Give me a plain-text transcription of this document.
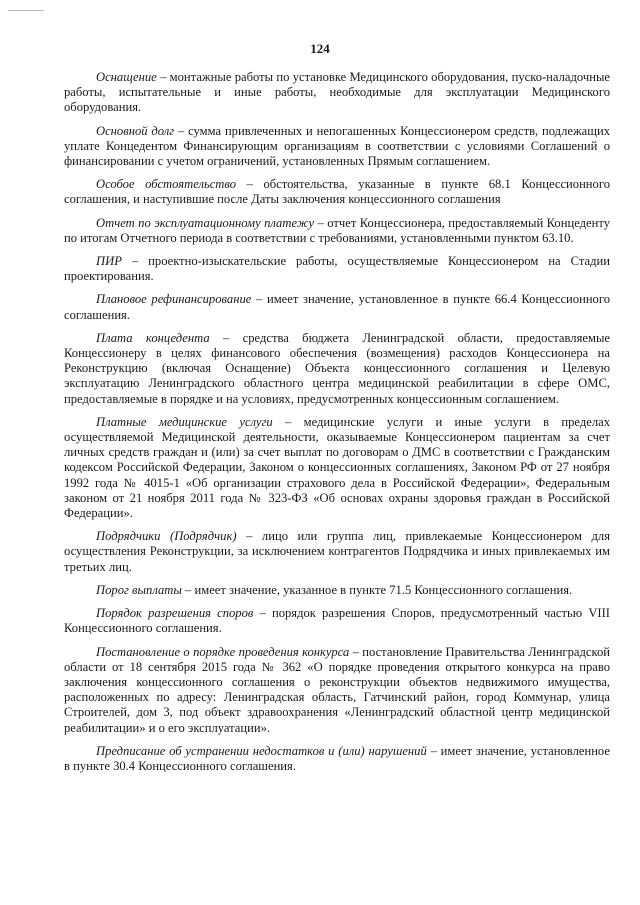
124

Оснащение – монтажные работы по установке Медицинского оборудования, пуско-наладочные работы, испытательные и иные работы, необходимые для эксплуатации Медицинского оборудования.

Основной долг – сумма привлеченных и непогашенных Концессионером средств, подлежащих уплате Концедентом Финансирующим организациям в соответствии с условиями Соглашений о финансировании с учетом ограничений, установленных Прямым соглашением.

Особое обстоятельство – обстоятельства, указанные в пункте 68.1 Концессионного соглашения, и наступившие после Даты заключения концессионного соглашения

Отчет по эксплуатационному платежу – отчет Концессионера, предоставляемый Концеденту по итогам Отчетного периода в соответствии с требованиями, установленными пунктом 63.10.

ПИР – проектно-изыскательские работы, осуществляемые Концессионером на Стадии проектирования.

Плановое рефинансирование – имеет значение, установленное в пункте 66.4 Концессионного соглашения.

Плата концедента – средства бюджета Ленинградской области, предоставляемые Концессионеру в целях финансового обеспечения (возмещения) расходов Концессионера на Реконструкцию (включая Оснащение) Объекта концессионного соглашения и Целевую эксплуатацию Ленинградского областного центра медицинской реабилитации в сфере ОМС, предоставляемые в порядке и на условиях, предусмотренных концессионным соглашением.

Платные медицинские услуги – медицинские услуги и иные услуги в пределах осуществляемой Медицинской деятельности, оказываемые Концессионером пациентам за счет личных средств граждан и (или) за счет выплат по договорам о ДМС в соответствии с Гражданским кодексом Российской Федерации, Законом о концессионных соглашениях, Законом РФ от 27 ноября 1992 года № 4015-1 «Об организации страхового дела в Российской Федерации», Федеральным законом от 21 ноября 2011 года № 323-ФЗ «Об основах охраны здоровья граждан в Российской Федерации».

Подрядчики (Подрядчик) – лицо или группа лиц, привлекаемые Концессионером для осуществления Реконструкции, за исключением контрагентов Подрядчика и иных привлекаемых им третьих лиц.

Порог выплаты – имеет значение, указанное в пункте 71.5 Концессионного соглашения.

Порядок разрешения споров – порядок разрешения Споров, предусмотренный частью VIII Концессионного соглашения.

Постановление о порядке проведения конкурса – постановление Правительства Ленинградской области от 18 сентября 2015 года № 362 «О порядке проведения открытого конкурса на право заключения концессионного соглашения о реконструкции объектов недвижимого имущества, расположенных по адресу: Ленинградская область, Гатчинский район, город Коммунар, улица Строителей, дом 3, под объект здравоохранения «Ленинградский областной центр медицинской реабилитации» и о его эксплуатации».

Предписание об устранении недостатков и (или) нарушений – имеет значение, установленное в пункте 30.4 Концессионного соглашения.
